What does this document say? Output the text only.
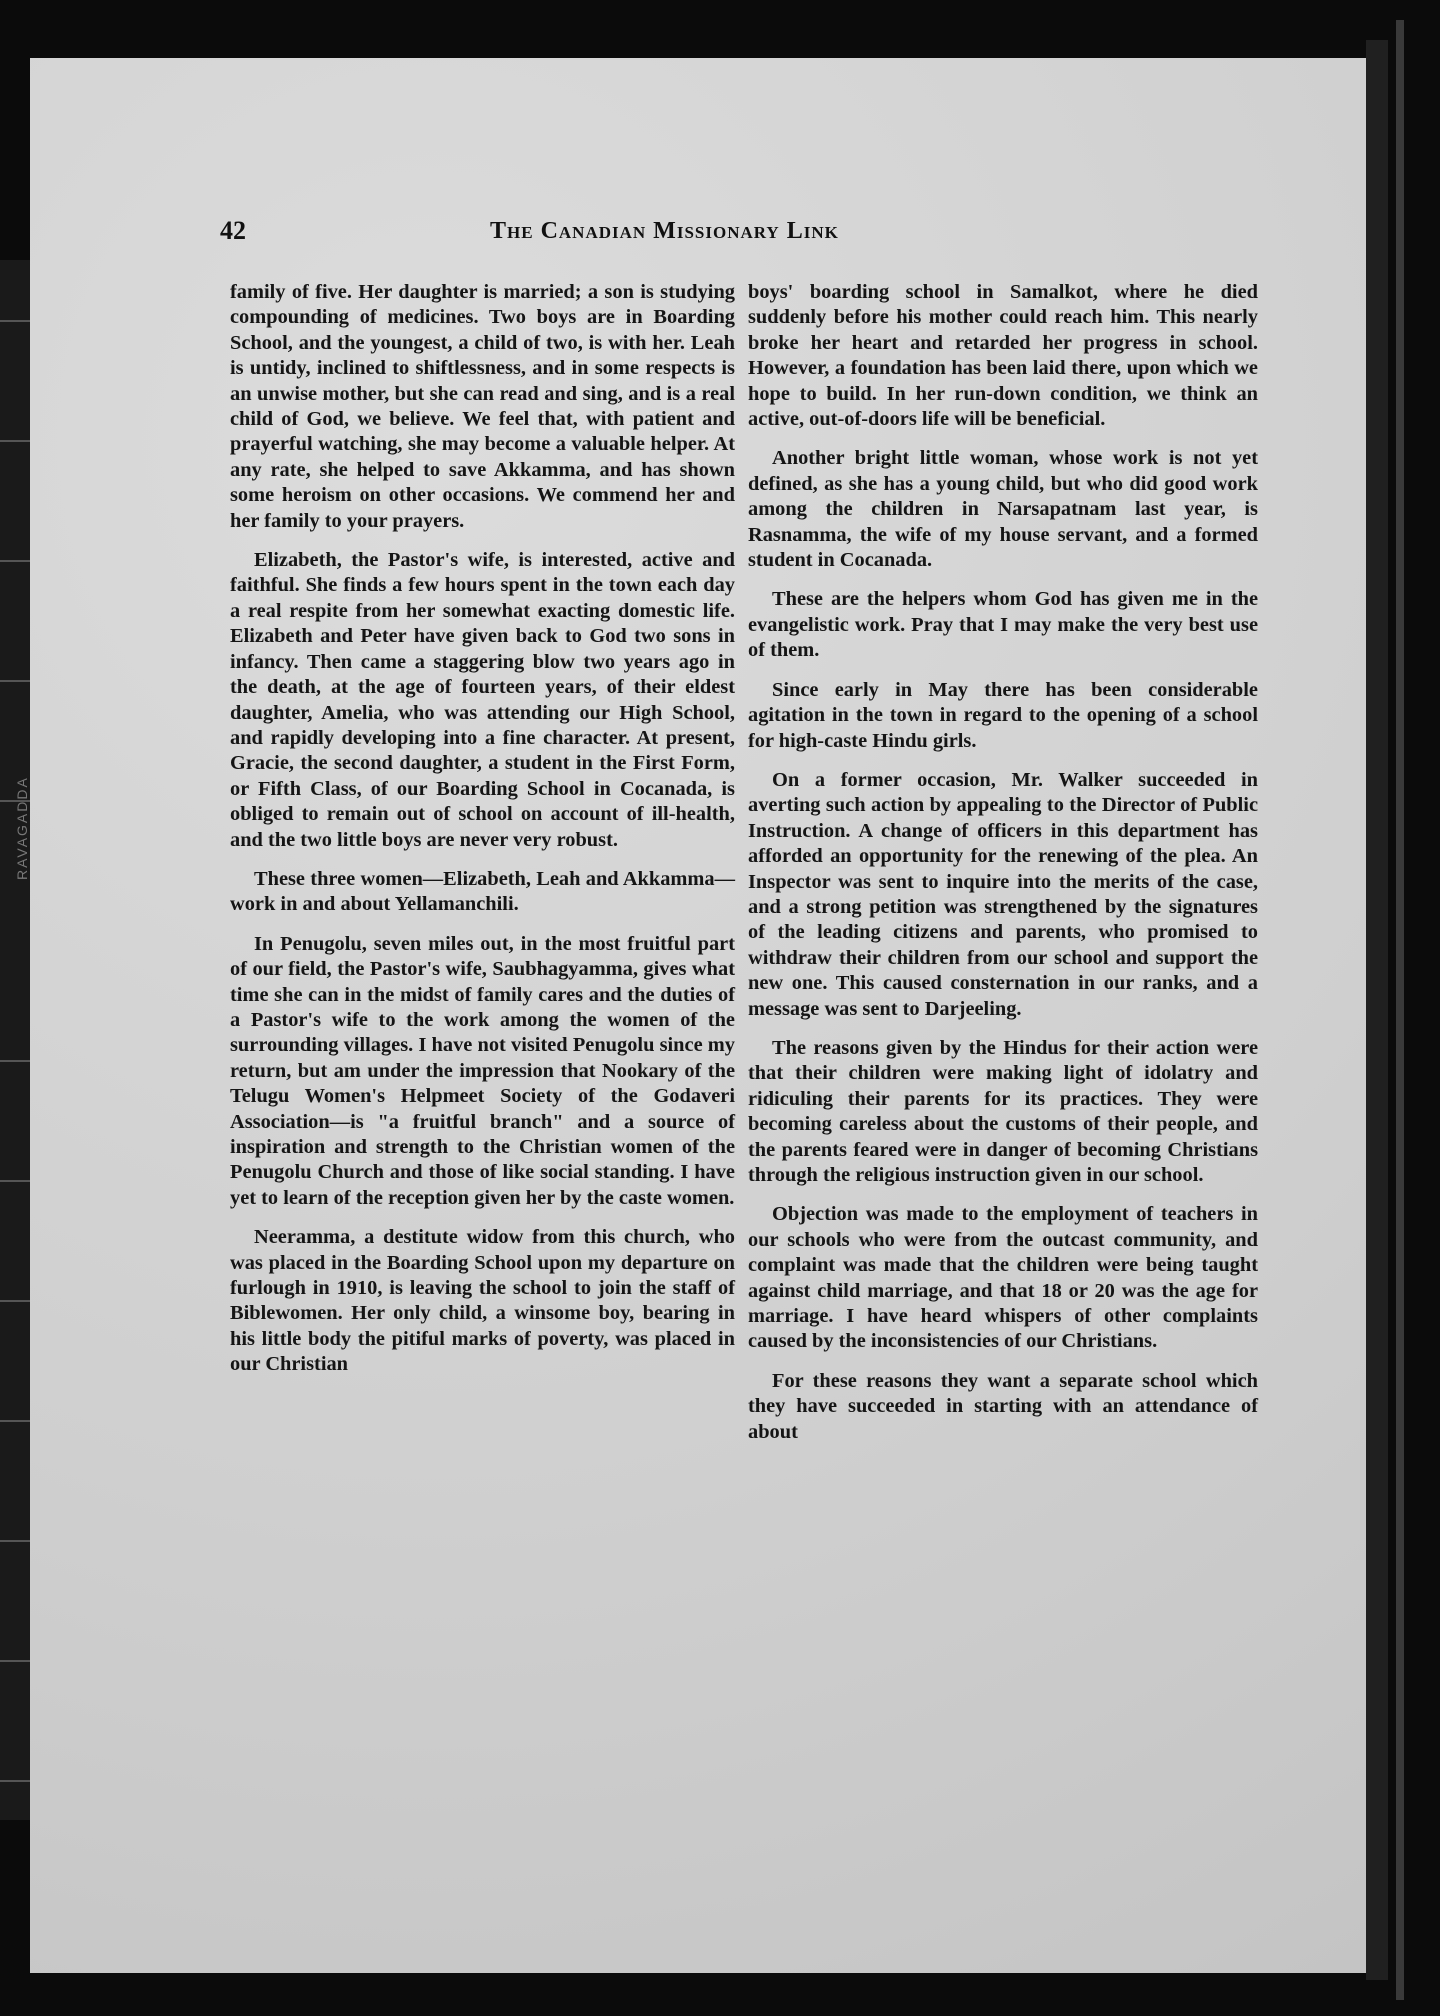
RAVAGADDA
42	The Canadian Missionary Link

family of five. Her daughter is married; a son is studying compounding of medicines. Two boys are in Boarding School, and the youngest, a child of two, is with her. Leah is untidy, inclined to shiftlessness, and in some respects is an unwise mother, but she can read and sing, and is a real child of God, we believe. We feel that, with patient and prayerful watching, she may become a valuable helper. At any rate, she helped to save Akkamma, and has shown some heroism on other occasions. We commend her and her family to your prayers.

Elizabeth, the Pastor's wife, is interested, active and faithful. She finds a few hours spent in the town each day a real respite from her somewhat exacting domestic life. Elizabeth and Peter have given back to God two sons in infancy. Then came a staggering blow two years ago in the death, at the age of fourteen years, of their eldest daughter, Amelia, who was attending our High School, and rapidly developing into a fine character. At present, Gracie, the second daughter, a student in the First Form, or Fifth Class, of our Boarding School in Cocanada, is obliged to remain out of school on account of ill-health, and the two little boys are never very robust.

These three women—Elizabeth, Leah and Akkamma—work in and about Yellamanchili.

In Penugolu, seven miles out, in the most fruitful part of our field, the Pastor's wife, Saubhagyamma, gives what time she can in the midst of family cares and the duties of a Pastor's wife to the work among the women of the surrounding villages. I have not visited Penugolu since my return, but am under the impression that Nookary of the Telugu Women's Helpmeet Society of the Godaveri Association—is "a fruitful branch" and a source of inspiration and strength to the Christian women of the Penugolu Church and those of like social standing. I have yet to learn of the reception given her by the caste women.

Neeramma, a destitute widow from this church, who was placed in the Boarding School upon my departure on furlough in 1910, is leaving the school to join the staff of Biblewomen. Her only child, a winsome boy, bearing in his little body the pitiful marks of poverty, was placed in our Christian

boys' boarding school in Samalkot, where he died suddenly before his mother could reach him. This nearly broke her heart and retarded her progress in school. However, a foundation has been laid there, upon which we hope to build. In her run-down condition, we think an active, out-of-doors life will be beneficial.

Another bright little woman, whose work is not yet defined, as she has a young child, but who did good work among the children in Narsapatnam last year, is Rasnamma, the wife of my house servant, and a formed student in Cocanada.

These are the helpers whom God has given me in the evangelistic work. Pray that I may make the very best use of them.

Since early in May there has been considerable agitation in the town in regard to the opening of a school for high-caste Hindu girls.

On a former occasion, Mr. Walker succeeded in averting such action by appealing to the Director of Public Instruction. A change of officers in this department has afforded an opportunity for the renewing of the plea. An Inspector was sent to inquire into the merits of the case, and a strong petition was strengthened by the signatures of the leading citizens and parents, who promised to withdraw their children from our school and support the new one. This caused consternation in our ranks, and a message was sent to Darjeeling.

The reasons given by the Hindus for their action were that their children were making light of idolatry and ridiculing their parents for its practices. They were becoming careless about the customs of their people, and the parents feared were in danger of becoming Christians through the religious instruction given in our school.

Objection was made to the employment of teachers in our schools who were from the outcast community, and complaint was made that the children were being taught against child marriage, and that 18 or 20 was the age for marriage. I have heard whispers of other complaints caused by the inconsistencies of our Christians.

For these reasons they want a separate school which they have succeeded in starting with an attendance of about
